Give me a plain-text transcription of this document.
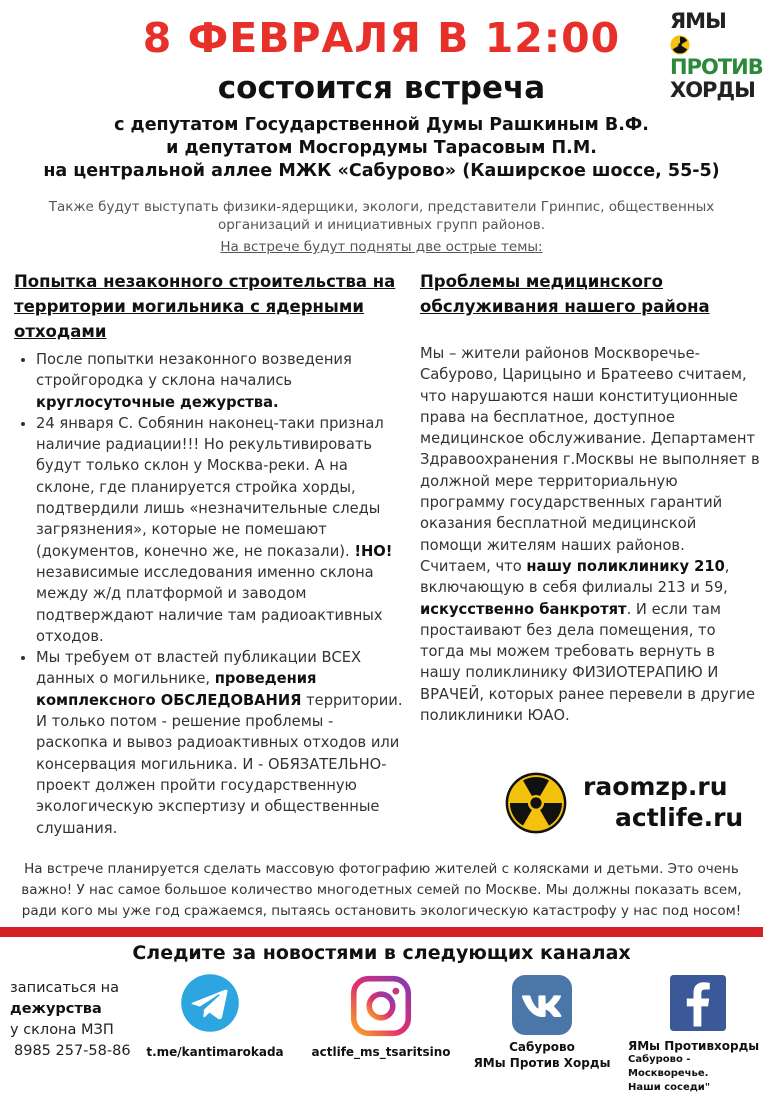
8 ФЕВРАЛЯ В 12:00
состоится встреча
с депутатом Государственной Думы Рашкиным В.Ф.
и депутатом Мосгордумы Тарасовым П.М.
на центральной аллее МЖК «Сабурово» (Каширское шоссе, 55-5)
ЯМЫ
ПРОТИВ
ХОРДЫ
Также будут выступать физики-ядерщики, экологи, представители Гринпис, общественных организаций и инициативных групп районов.
На встрече будут подняты две острые темы:
Попытка незаконного строительства на территории могильника с ядерными отходами
• После попытки незаконного возведения стройгородка у склона начались круглосуточные дежурства.
• 24 января С. Собянин наконец-таки признал наличие радиации!!! Но рекультивировать будут только склон у Москва-реки. А на склоне, где планируется стройка хорды, подтвердили лишь «незначительные следы загрязнения», которые не помешают (документов, конечно же, не показали). !НО! независимые исследования именно склона между ж/д платформой и заводом подтверждают наличие там радиоактивных отходов.
• Мы требуем от властей публикации ВСЕХ данных о могильнике, проведения комплексного ОБСЛЕДОВАНИЯ территории. И только потом - решение проблемы - раскопка и вывоз радиоактивных отходов или консервация могильника. И - ОБЯЗАТЕЛЬНО-проект должен пройти государственную экологическую экспертизу и общественные слушания.
Проблемы медицинского обслуживания нашего района
Мы – жители районов Москворечье-Сабурово, Царицыно и Братеево считаем, что нарушаются наши конституционные права на бесплатное, доступное медицинское обслуживание. Департамент Здравоохранения г.Москвы не выполняет в должной мере территориальную программу государственных гарантий оказания бесплатной медицинской помощи жителям наших районов. Считаем, что нашу поликлинику 210, включающую в себя филиалы 213 и 59, искусственно банкротят. И если там простаивают без дела помещения, то тогда мы можем требовать вернуть в нашу поликлинику ФИЗИОТЕРАПИЮ И ВРАЧЕЙ, которых ранее перевели в другие поликлиники ЮАО.
raomzp.ru
actlife.ru
На встрече планируется сделать массовую фотографию жителей с колясками и детьми. Это очень важно! У нас самое большое количество многодетных семей по Москве. Мы должны показать всем, ради кого мы уже год сражаемся, пытаясь остановить экологическую катастрофу у нас под носом!
Следите за новостями в следующих каналах
записаться на
дежурства
у склона МЗП
8985 257-58-86	t.me/kantimarokada	actlife_ms_tsaritsino	Сабурово
ЯМы Против Хорды
ЯМы Противхорды
Сабурово - Москворечье.
Наши соседи"
